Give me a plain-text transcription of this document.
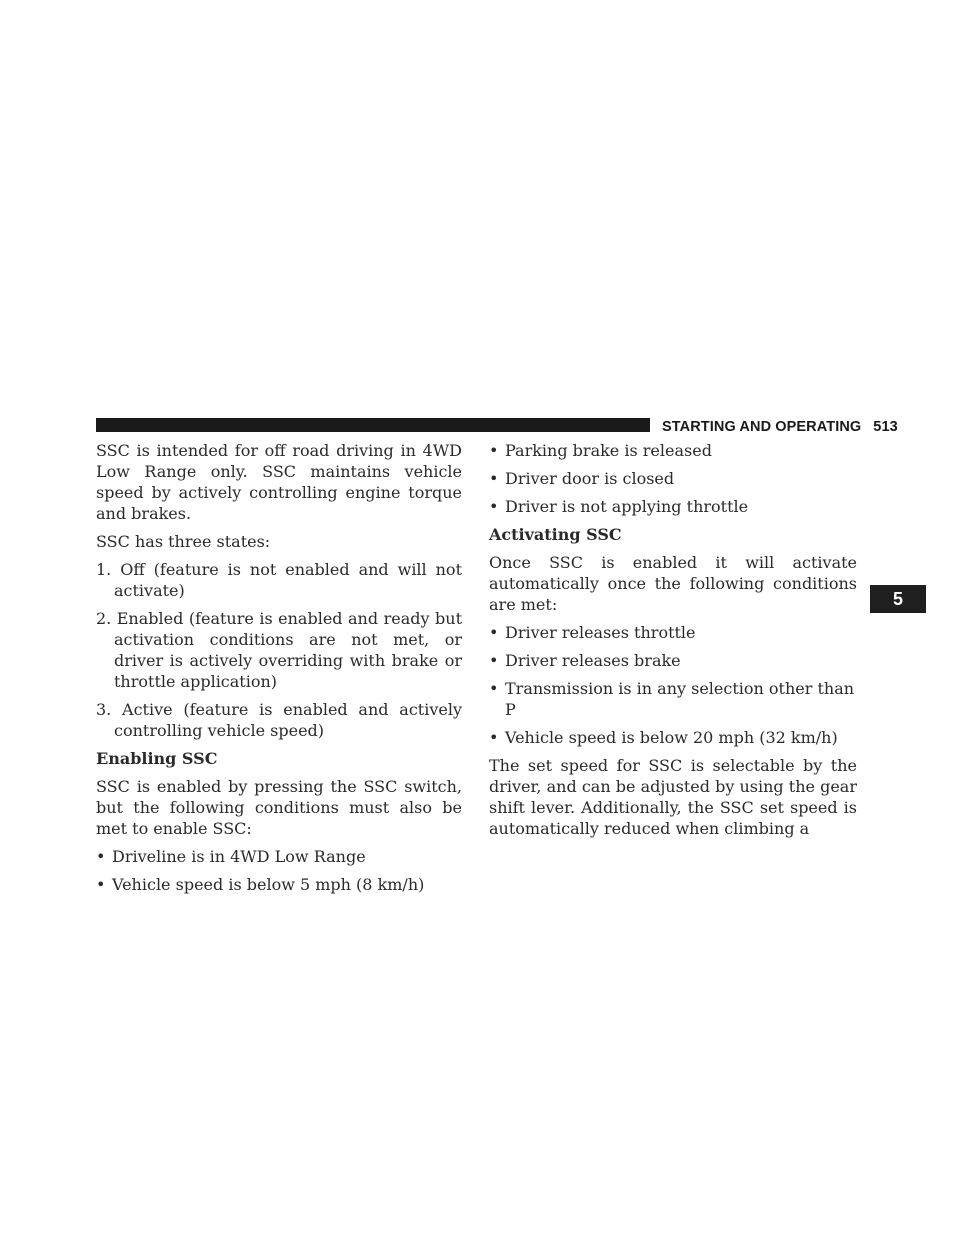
STARTING AND OPERATING 513
5

SSC is intended for off road driving in 4WD Low Range only. SSC maintains vehicle speed by actively controlling engine torque and brakes.

SSC has three states:

1. Off (feature is not enabled and will not activate)

2. Enabled (feature is enabled and ready but activation conditions are not met, or driver is actively overriding with brake or throttle application)

3. Active (feature is enabled and actively controlling vehicle speed)

Enabling SSC

SSC is enabled by pressing the SSC switch, but the following conditions must also be met to enable SSC:

• Driveline is in 4WD Low Range
• Vehicle speed is below 5 mph (8 km/h)
• Parking brake is released
• Driver door is closed
• Driver is not applying throttle

Activating SSC

Once SSC is enabled it will activate automatically once the following conditions are met:

• Driver releases throttle
• Driver releases brake
• Transmission is in any selection other than P
• Vehicle speed is below 20 mph (32 km/h)

The set speed for SSC is selectable by the driver, and can be adjusted by using the gear shift lever. Additionally, the SSC set speed is automatically reduced when climbing a
